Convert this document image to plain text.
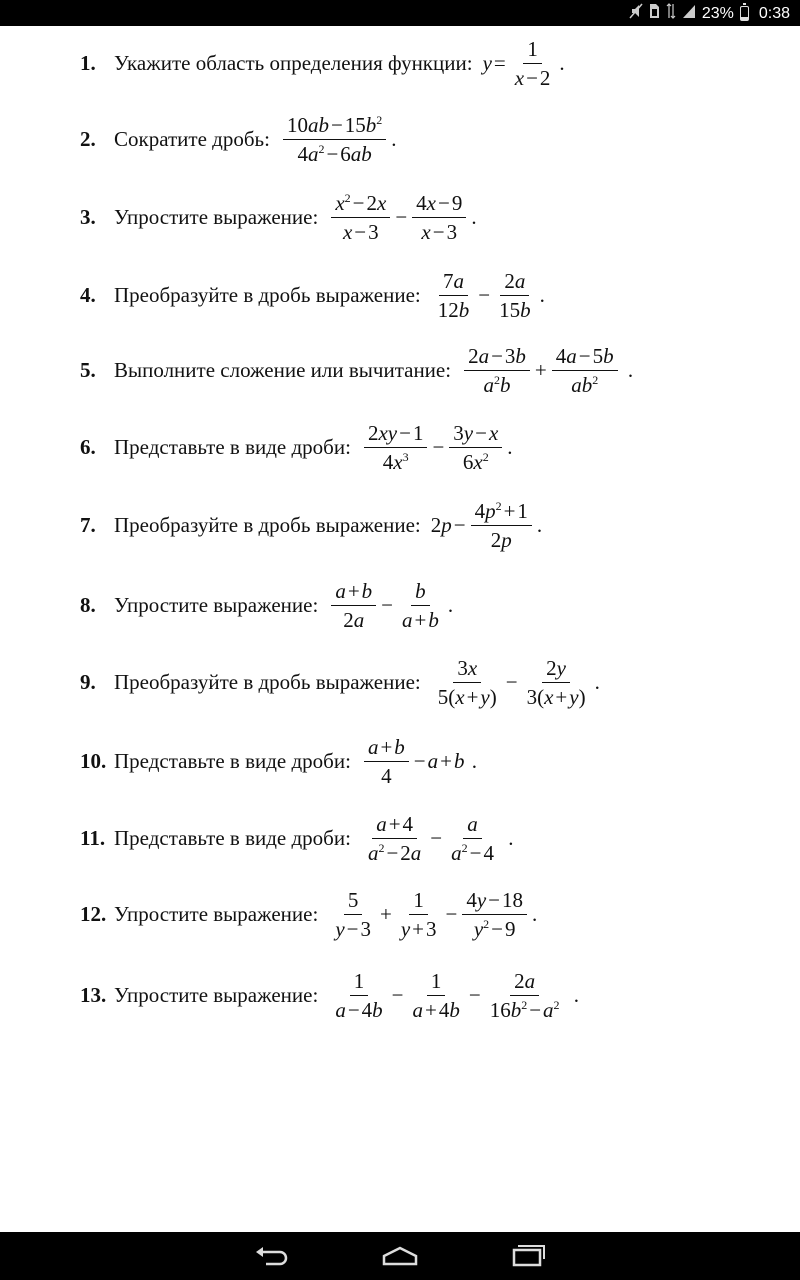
23% 0:38
1. Укажите область определения функции: $y = \frac{1}{x-2}$ .
2. Сократите дробь: $\frac{10ab-15b^2}{4a^2-6ab}$ .
3. Упростите выражение: $\frac{x^2-2x}{x-3} - \frac{4x-9}{x-3}$ .
4. Преобразуйте в дробь выражение: $\frac{7a}{12b} - \frac{2a}{15b}$ .
5. Выполните сложение или вычитание: $\frac{2a-3b}{a^2b} + \frac{4a-5b}{ab^2}$ .
6. Представьте в виде дроби: $\frac{2xy-1}{4x^3} - \frac{3y-x}{6x^2}$ .
7. Преобразуйте в дробь выражение: 2 $p - \frac{4p^2+1}{2p}$ .
8. Упростите выражение: $\frac{a+b}{2a} - \frac{b}{a+b}$ .
9. Преобразуйте в дробь выражение: $\frac{3x}{5(x+y)} - \frac{2y}{3(x+y)}$ .
10. Представьте в виде дроби: $\frac{a+b}{4} - a + b$ .
11. Представьте в виде дроби: $\frac{a+4}{a^2-2a} - \frac{a}{a^2-4}$ .
12. Упростите выражение: $\frac{5}{y-3} + \frac{1}{y+3} - \frac{4y-18}{y^2-9}$ .
13. Упростите выражение: $\frac{1}{a-4b} - \frac{1}{a+4b} - \frac{2a}{16b^2-a^2}$ .
